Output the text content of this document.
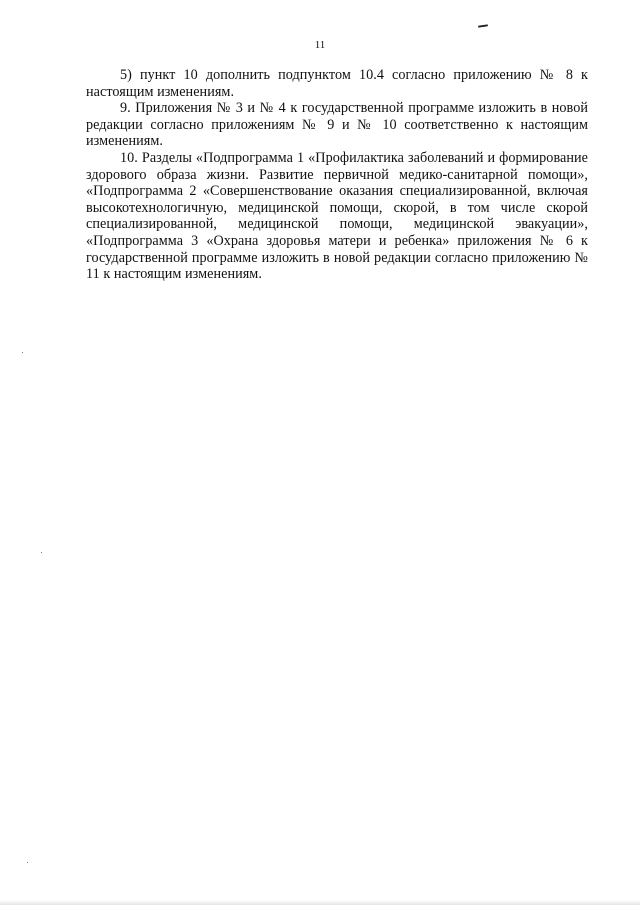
11

5) пункт 10 дополнить подпунктом 10.4 согласно приложению № 8 к настоящим изменениям.

9. Приложения № 3 и № 4 к государственной программе изложить в новой редакции согласно приложениям № 9 и № 10 соответственно к настоящим изменениям.

10. Разделы «Подпрограмма 1 «Профилактика заболеваний и формирование здорового образа жизни. Развитие первичной медико-санитарной помощи», «Подпрограмма 2 «Совершенствование оказания специализированной, включая высокотехнологичную, медицинской помощи, скорой, в том числе скорой специализированной, медицинской помощи, медицинской эвакуации», «Подпрограмма 3 «Охрана здоровья матери и ребенка» приложения № 6 к государственной программе изложить в новой редакции согласно приложению № 11 к настоящим изменениям.
